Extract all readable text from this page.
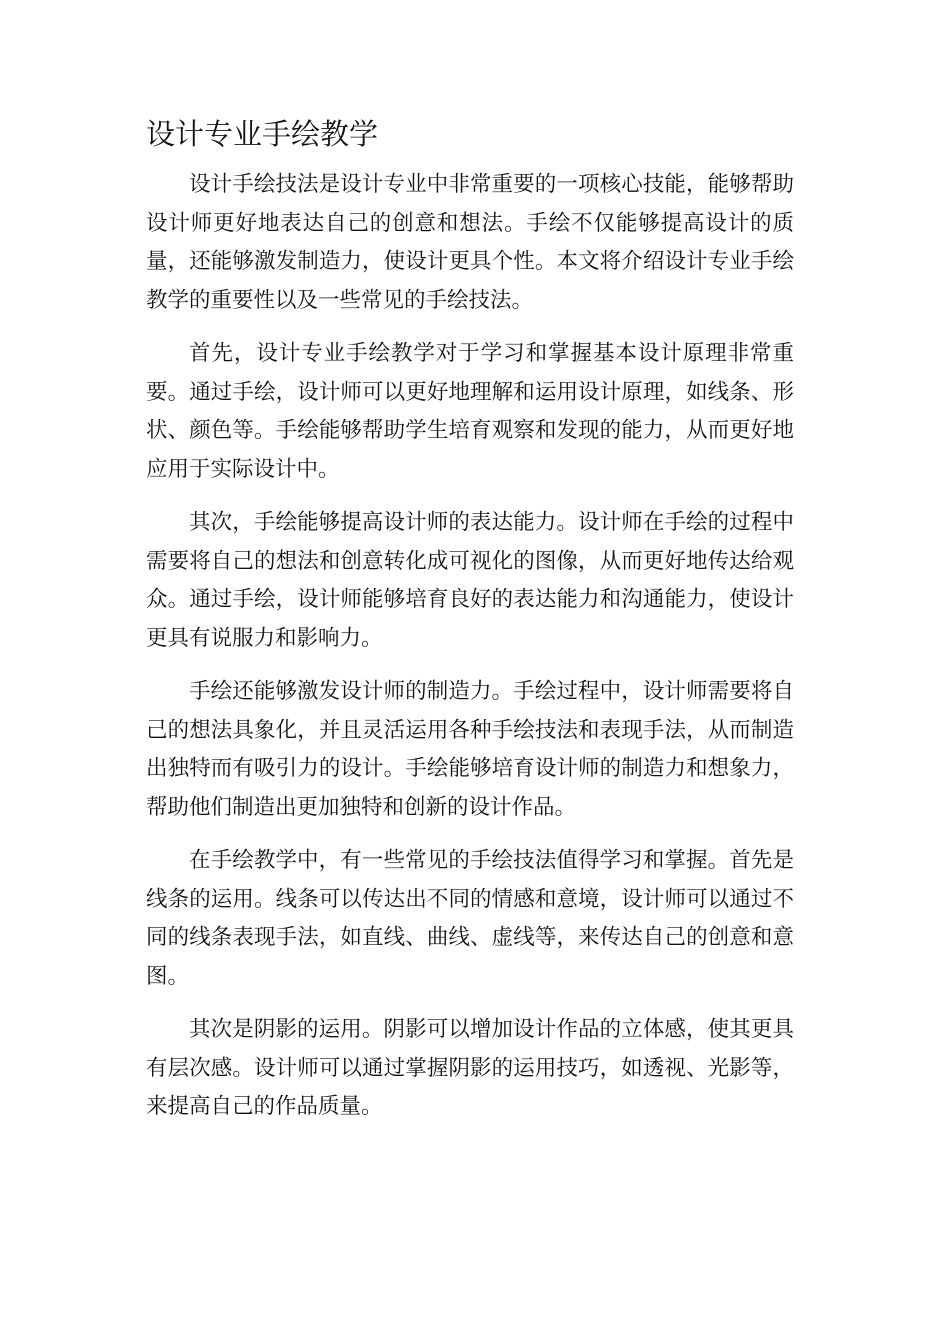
设计专业手绘教学

设计手绘技法是设计专业中非常重要的一项核心技能，能够帮助设计师更好地表达自己的创意和想法。手绘不仅能够提高设计的质量，还能够激发制造力，使设计更具个性。本文将介绍设计专业手绘教学的重要性以及一些常见的手绘技法。

首先，设计专业手绘教学对于学习和掌握基本设计原理非常重要。通过手绘，设计师可以更好地理解和运用设计原理，如线条、形状、颜色等。手绘能够帮助学生培育观察和发现的能力，从而更好地应用于实际设计中。

其次，手绘能够提高设计师的表达能力。设计师在手绘的过程中需要将自己的想法和创意转化成可视化的图像，从而更好地传达给观众。通过手绘，设计师能够培育良好的表达能力和沟通能力，使设计更具有说服力和影响力。

手绘还能够激发设计师的制造力。手绘过程中，设计师需要将自己的想法具象化，并且灵活运用各种手绘技法和表现手法，从而制造出独特而有吸引力的设计。手绘能够培育设计师的制造力和想象力，帮助他们制造出更加独特和创新的设计作品。

在手绘教学中，有一些常见的手绘技法值得学习和掌握。首先是线条的运用。线条可以传达出不同的情感和意境，设计师可以通过不同的线条表现手法，如直线、曲线、虚线等，来传达自己的创意和意图。

其次是阴影的运用。阴影可以增加设计作品的立体感，使其更具有层次感。设计师可以通过掌握阴影的运用技巧，如透视、光影等，来提高自己的作品质量。
